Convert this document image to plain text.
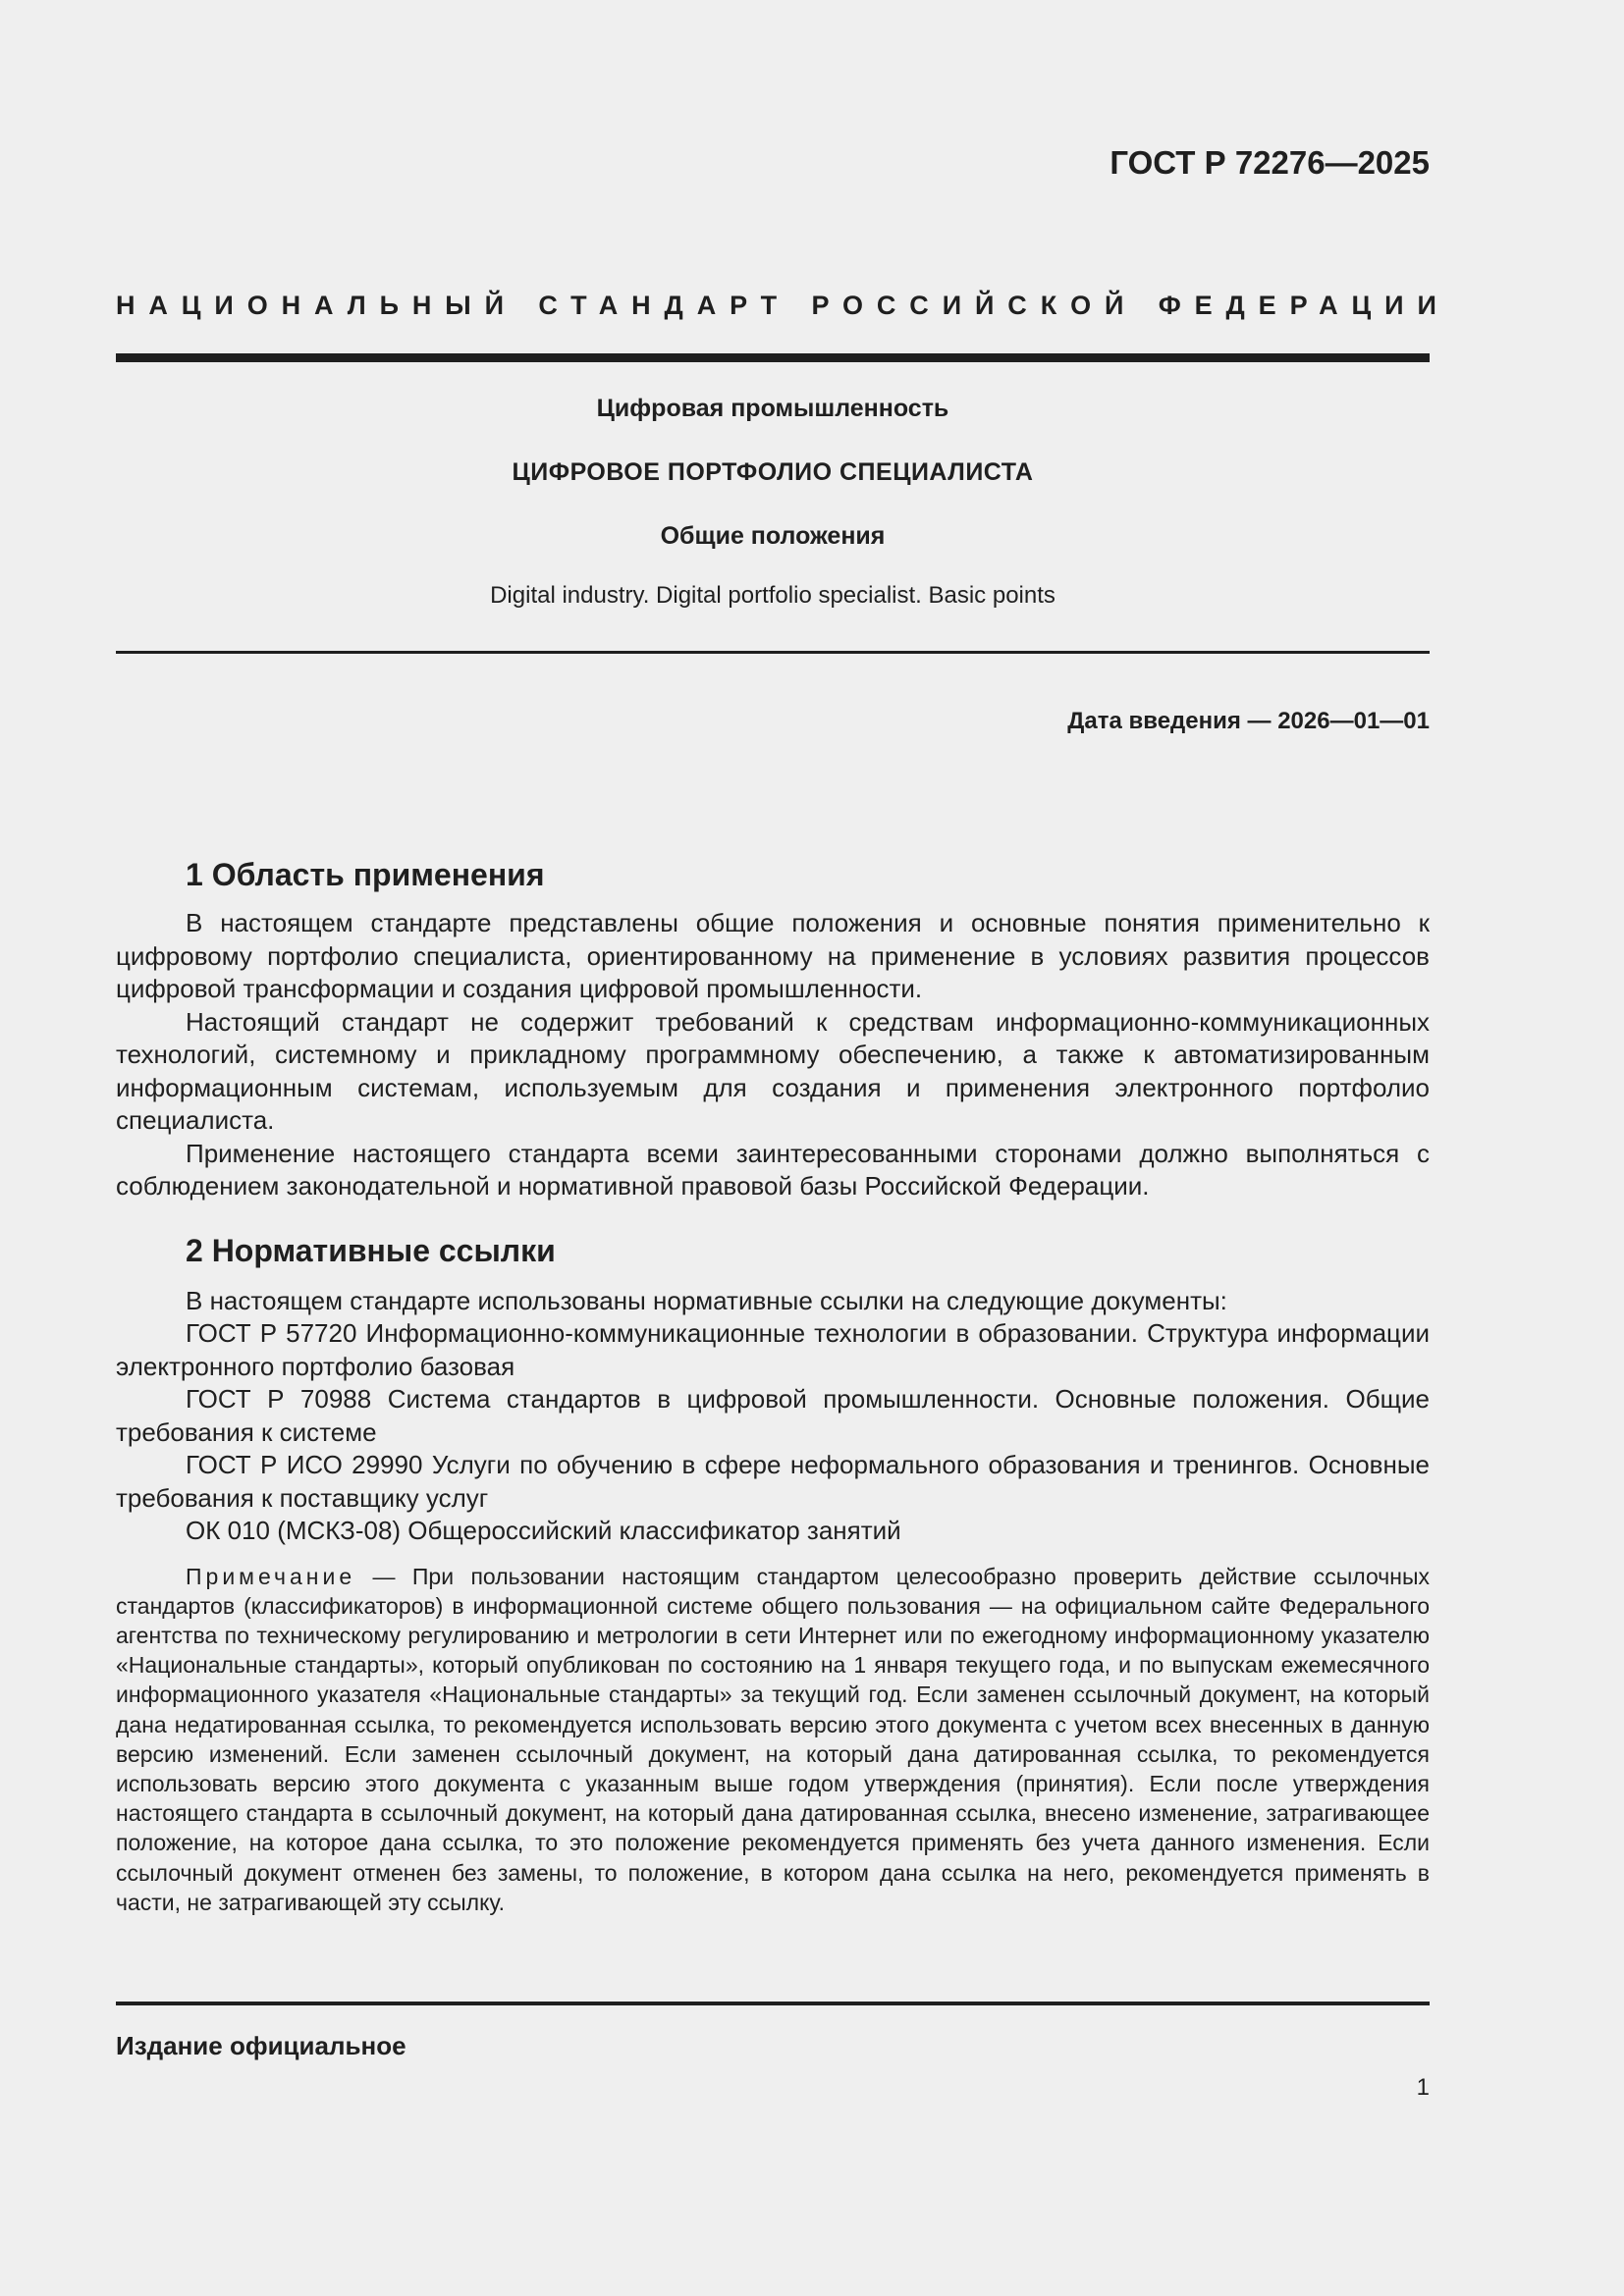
ГОСТ Р 72276—2025
НАЦИОНАЛЬНЫЙ СТАНДАРТ РОССИЙСКОЙ ФЕДЕРАЦИИ
Цифровая промышленность
ЦИФРОВОЕ ПОРТФОЛИО СПЕЦИАЛИСТА
Общие положения
Digital industry. Digital portfolio specialist. Basic points
Дата введения — 2026—01—01
1 Область применения

В настоящем стандарте представлены общие положения и основные понятия применительно к цифровому портфолио специалиста, ориентированному на применение в условиях развития процессов цифровой трансформации и создания цифровой промышленности.

Настоящий стандарт не содержит требований к средствам информационно-коммуникационных технологий, системному и прикладному программному обеспечению, а также к автоматизированным информационным системам, используемым для создания и применения электронного портфолио специалиста.

Применение настоящего стандарта всеми заинтересованными сторонами должно выполняться с соблюдением законодательной и нормативной правовой базы Российской Федерации.

2 Нормативные ссылки

В настоящем стандарте использованы нормативные ссылки на следующие документы:

ГОСТ Р 57720 Информационно-коммуникационные технологии в образовании. Структура информации электронного портфолио базовая

ГОСТ Р 70988 Система стандартов в цифровой промышленности. Основные положения. Общие требования к системе

ГОСТ Р ИСО 29990 Услуги по обучению в сфере неформального образования и тренингов. Основные требования к поставщику услуг

ОК 010 (МСКЗ-08) Общероссийский классификатор занятий

Примечание — При пользовании настоящим стандартом целесообразно проверить действие ссылочных стандартов (классификаторов) в информационной системе общего пользования — на официальном сайте Федерального агентства по техническому регулированию и метрологии в сети Интернет или по ежегодному информационному указателю «Национальные стандарты», который опубликован по состоянию на 1 января текущего года, и по выпускам ежемесячного информационного указателя «Национальные стандарты» за текущий год. Если заменен ссылочный документ, на который дана недатированная ссылка, то рекомендуется использовать версию этого документа с учетом всех внесенных в данную версию изменений. Если заменен ссылочный документ, на который дана датированная ссылка, то рекомендуется использовать версию этого документа с указанным выше годом утверждения (принятия). Если после утверждения настоящего стандарта в ссылочный документ, на который дана датированная ссылка, внесено изменение, затрагивающее положение, на которое дана ссылка, то это положение рекомендуется применять без учета данного изменения. Если ссылочный документ отменен без замены, то положение, в котором дана ссылка на него, рекомендуется применять в части, не затрагивающей эту ссылку.
Издание официальное
1
